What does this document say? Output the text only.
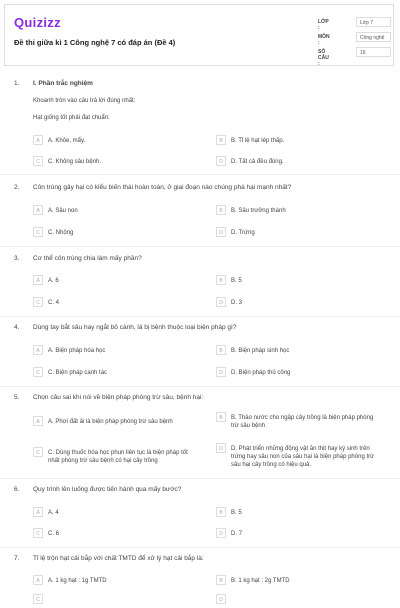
Quizizz
Đề thi giữa kì 1 Công nghệ 7 có đáp án (Đề 4)
LỚP :
Lớp 7
MÔN :
Công nghệ
SỐ CÂU :
16
1. I. Phần trắc nghiệm
Khoanh tròn vào câu trả lời đúng nhất:
Hạt giống tốt phải đạt chuẩn:
A	A. Khỏe, mẩy.	B	B. Tỉ lệ hạt lép thấp.
C	C. Không sâu bệnh.	D	D. Tất cả đều đúng.
2. Côn trùng gây hại có kiểu biến thái hoàn toàn, ở giai đoạn nào chúng phá hại mạnh nhất?
A	A. Sâu non	B	B. Sâu trưởng thành
C	C. Nhộng	D	D. Trứng
3. Cơ thể côn trùng chia làm mấy phần?
A	A. 6	B	B. 5
C	C. 4	D	D. 3
4. Dùng tay bắt sâu hay ngắt bỏ cành, lá bị bệnh thuộc loại biện pháp gì?
A	A. Biện pháp hóa học	B	B. Biện pháp sinh học
C	C. Biện pháp canh tác	D	D. Biện pháp thủ công
5. Chọn câu sai khi nói về biện pháp phòng trừ sâu, bệnh hại:
A	A. Phơi đất ải là biện pháp phòng trừ sâu bệnh
B	B. Tháo nước cho ngập cây trồng là biện pháp phòng trừ sâu bệnh
C	C. Dùng thuốc hóa học phun liên tục là biện pháp tốt nhất phòng trừ sâu bệnh có hại cây trồng
D	D. Phát triển những động vật ăn thịt hay ký sinh trên trứng hay sâu non của sâu hại là biện pháp phòng trừ sâu hại cây trồng có hiệu quả.
6. Quy trình lên luống được tiến hành qua mấy bước?
A	A. 4	B	B. 5
C	C. 6	D	D. 7
7. Tỉ lệ trộn hạt cải bắp với chất TMTD để xử lý hạt cải bắp là:
A	A. 1 kg hạt : 1g TMTD	B	B. 1 kg hạt : 2g TMTD
C	D
